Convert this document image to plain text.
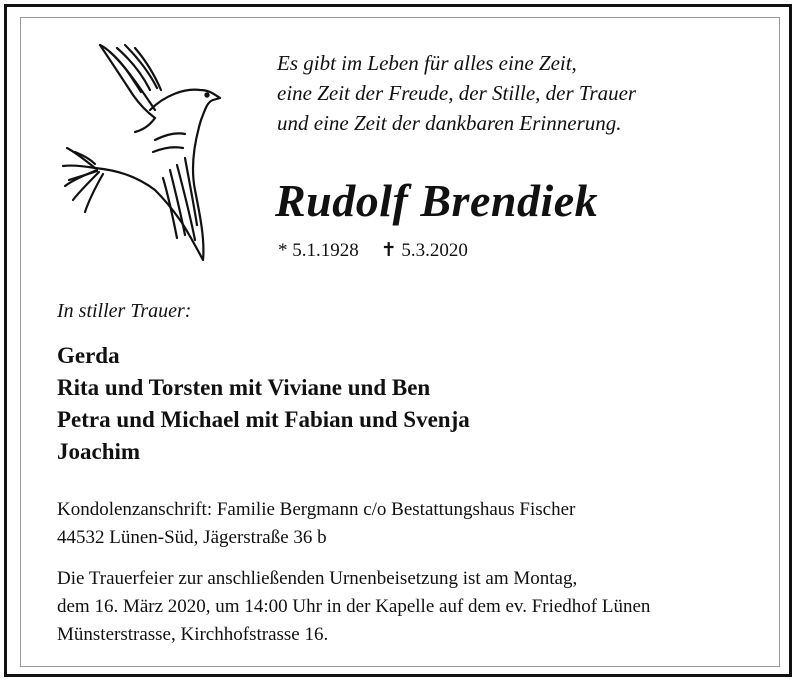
Es gibt im Leben für alles eine Zeit,
eine Zeit der Freude, der Stille, der Trauer
und eine Zeit der dankbaren Erinnerung.
Rudolf Brendiek
* 5.1.1928 ✝ 5.3.2020
In stiller Trauer:
Gerda
Rita und Torsten mit Viviane und Ben
Petra und Michael mit Fabian und Svenja
Joachim
Kondolenzanschrift: Familie Bergmann c/o Bestattungshaus Fischer
44532 Lünen-Süd, Jägerstraße 36 b
Die Trauerfeier zur anschließenden Urnenbeisetzung ist am Montag,
dem 16. März 2020, um 14:00 Uhr in der Kapelle auf dem ev. Friedhof Lünen
Münsterstrasse, Kirchhofstrasse 16.
